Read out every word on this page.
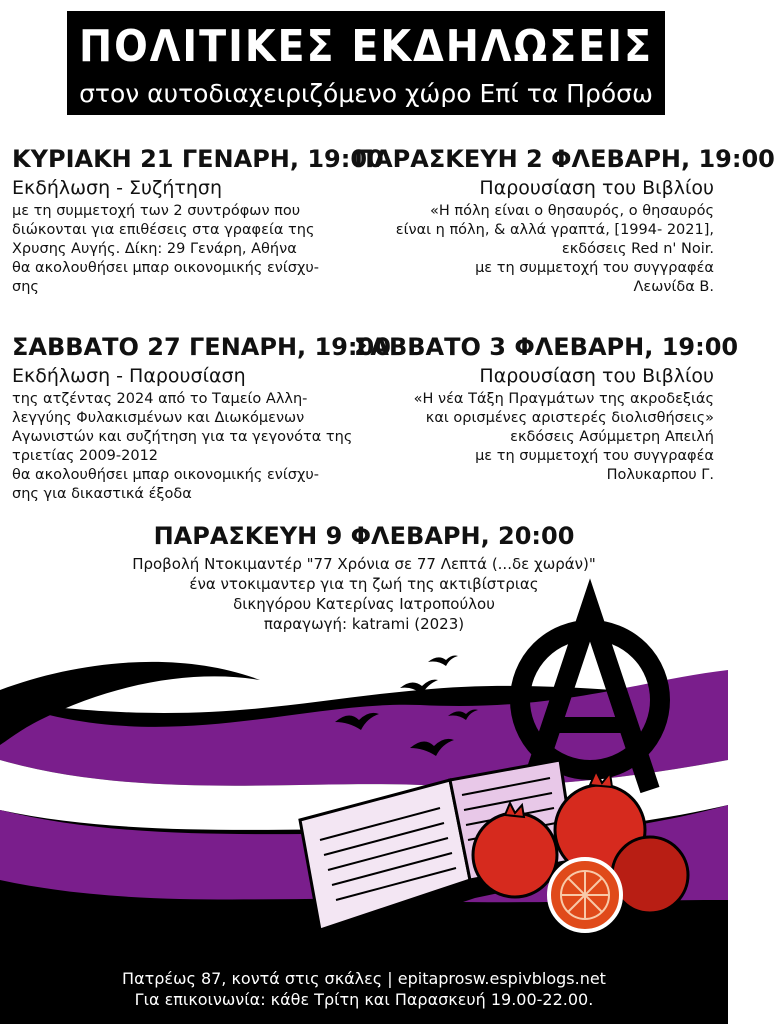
ΠΟΛΙΤΙΚΕΣ ΕΚΔΗΛΩΣΕΙΣ
στον αυτοδιαχειριζόμενο χώρο Επί τα Πρόσω
ΚΥΡΙΑΚΗ 21 ΓΕΝΑΡΗ, 19:00
Εκδήλωση - Συζήτηση
με τη συμμετοχή των 2 συντρόφων που
διώκονται για επιθέσεις στα γραφεία της
Χρυσης Αυγής. Δίκη: 29 Γενάρη, Αθήνα
θα ακολουθήσει μπαρ οικονομικής ενίσχυ-
σης
ΠΑΡΑΣΚΕΥΗ 2 ΦΛΕΒΑΡΗ, 19:00
Παρουσίαση του Βιβλίου
«Η πόλη είναι ο θησαυρός, ο θησαυρός
είναι η πόλη, & αλλά γραπτά, [1994- 2021],
εκδόσεις Red n' Noir.
με τη συμμετοχή του συγγραφέα
Λεωνίδα Β.
ΣΑΒΒΑΤΟ 27 ΓΕΝΑΡΗ, 19:00
Εκδήλωση - Παρουσίαση
της ατζέντας 2024 από το Ταμείο Αλλη-
λεγγύης Φυλακισμένων και Διωκόμενων
Αγωνιστών και συζήτηση για τα γεγονότα της
τριετίας 2009-2012
θα ακολουθήσει μπαρ οικονομικής ενίσχυ-
σης για δικαστικά έξοδα
ΣΑΒΒΑΤΟ 3 ΦΛΕΒΑΡΗ, 19:00
Παρουσίαση του Βιβλίου
«Η νέα Τάξη Πραγμάτων της ακροδεξιάς
και ορισμένες αριστερές διολισθήσεις»
εκδόσεις Ασύμμετρη Απειλή
με τη συμμετοχή του συγγραφέα
Πολυκαρπου Γ.
ΠΑΡΑΣΚΕΥΗ 9 ΦΛΕΒΑΡΗ, 20:00
Προβολή Ντοκιμαντέρ "77 Χρόνια σε 77 Λεπτά (...δε χωράν)"
ένα ντοκιμαντερ για τη ζωή της ακτιβίστριας
δικηγόρου Κατερίνας Ιατροπούλου
παραγωγή: katrami (2023)
Πατρέως 87, κοντά στις σκάλες | epitaprosw.espivblogs.net
Για επικοινωνία: κάθε Τρίτη και Παρασκευή 19.00-22.00.
